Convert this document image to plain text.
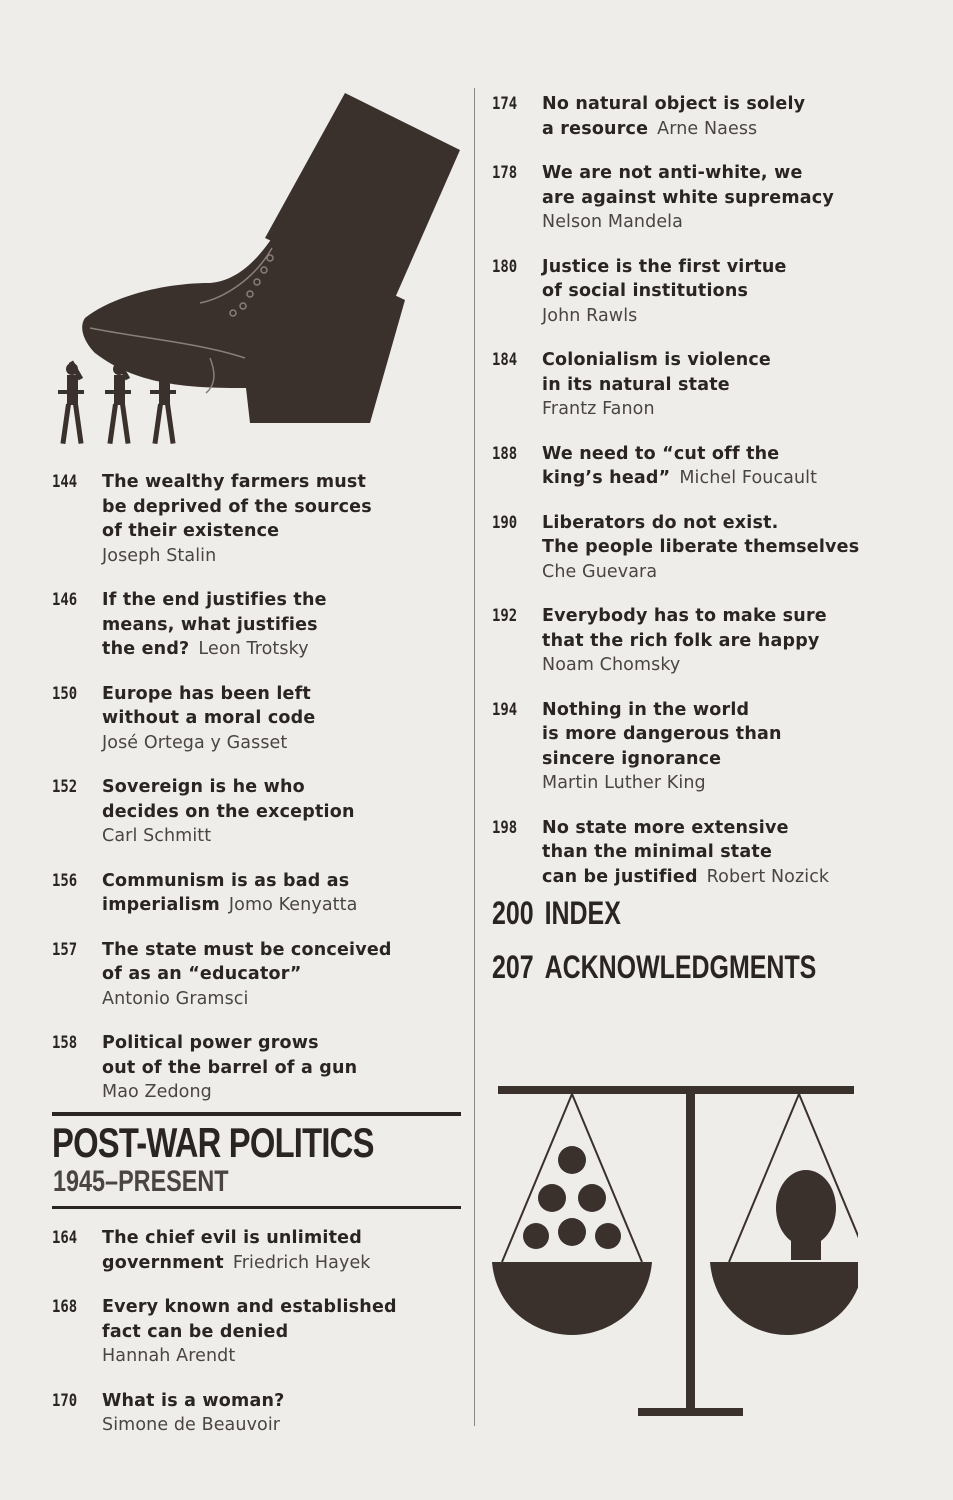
144	The wealthy farmers must
be deprived of the sources
of their existence
Joseph Stalin
146	If the end justifies the
means, what justifies
the end? Leon Trotsky
150	Europe has been left
without a moral code
José Ortega y Gasset
152	Sovereign is he who
decides on the exception
Carl Schmitt
156	Communism is as bad as
imperialism Jomo Kenyatta
157	The state must be conceived
of as an “educator”
Antonio Gramsci
158	Political power grows
out of the barrel of a gun
Mao Zedong
POST-WAR POLITICS
1945–PRESENT
164	The chief evil is unlimited
government Friedrich Hayek
168	Every known and established
fact can be denied
Hannah Arendt
170	What is a woman?
Simone de Beauvoir
174	No natural object is solely
a resource Arne Naess
178	We are not anti-white, we
are against white supremacy
Nelson Mandela
180	Justice is the first virtue
of social institutions
John Rawls
184	Colonialism is violence
in its natural state
Frantz Fanon
188	We need to “cut off the
king’s head” Michel Foucault
190	Liberators do not exist.
The people liberate themselves
Che Guevara
192	Everybody has to make sure
that the rich folk are happy
Noam Chomsky
194	Nothing in the world
is more dangerous than
sincere ignorance
Martin Luther King
198	No state more extensive
than the minimal state
can be justified Robert Nozick
200 INDEX
207 ACKNOWLEDGMENTS
